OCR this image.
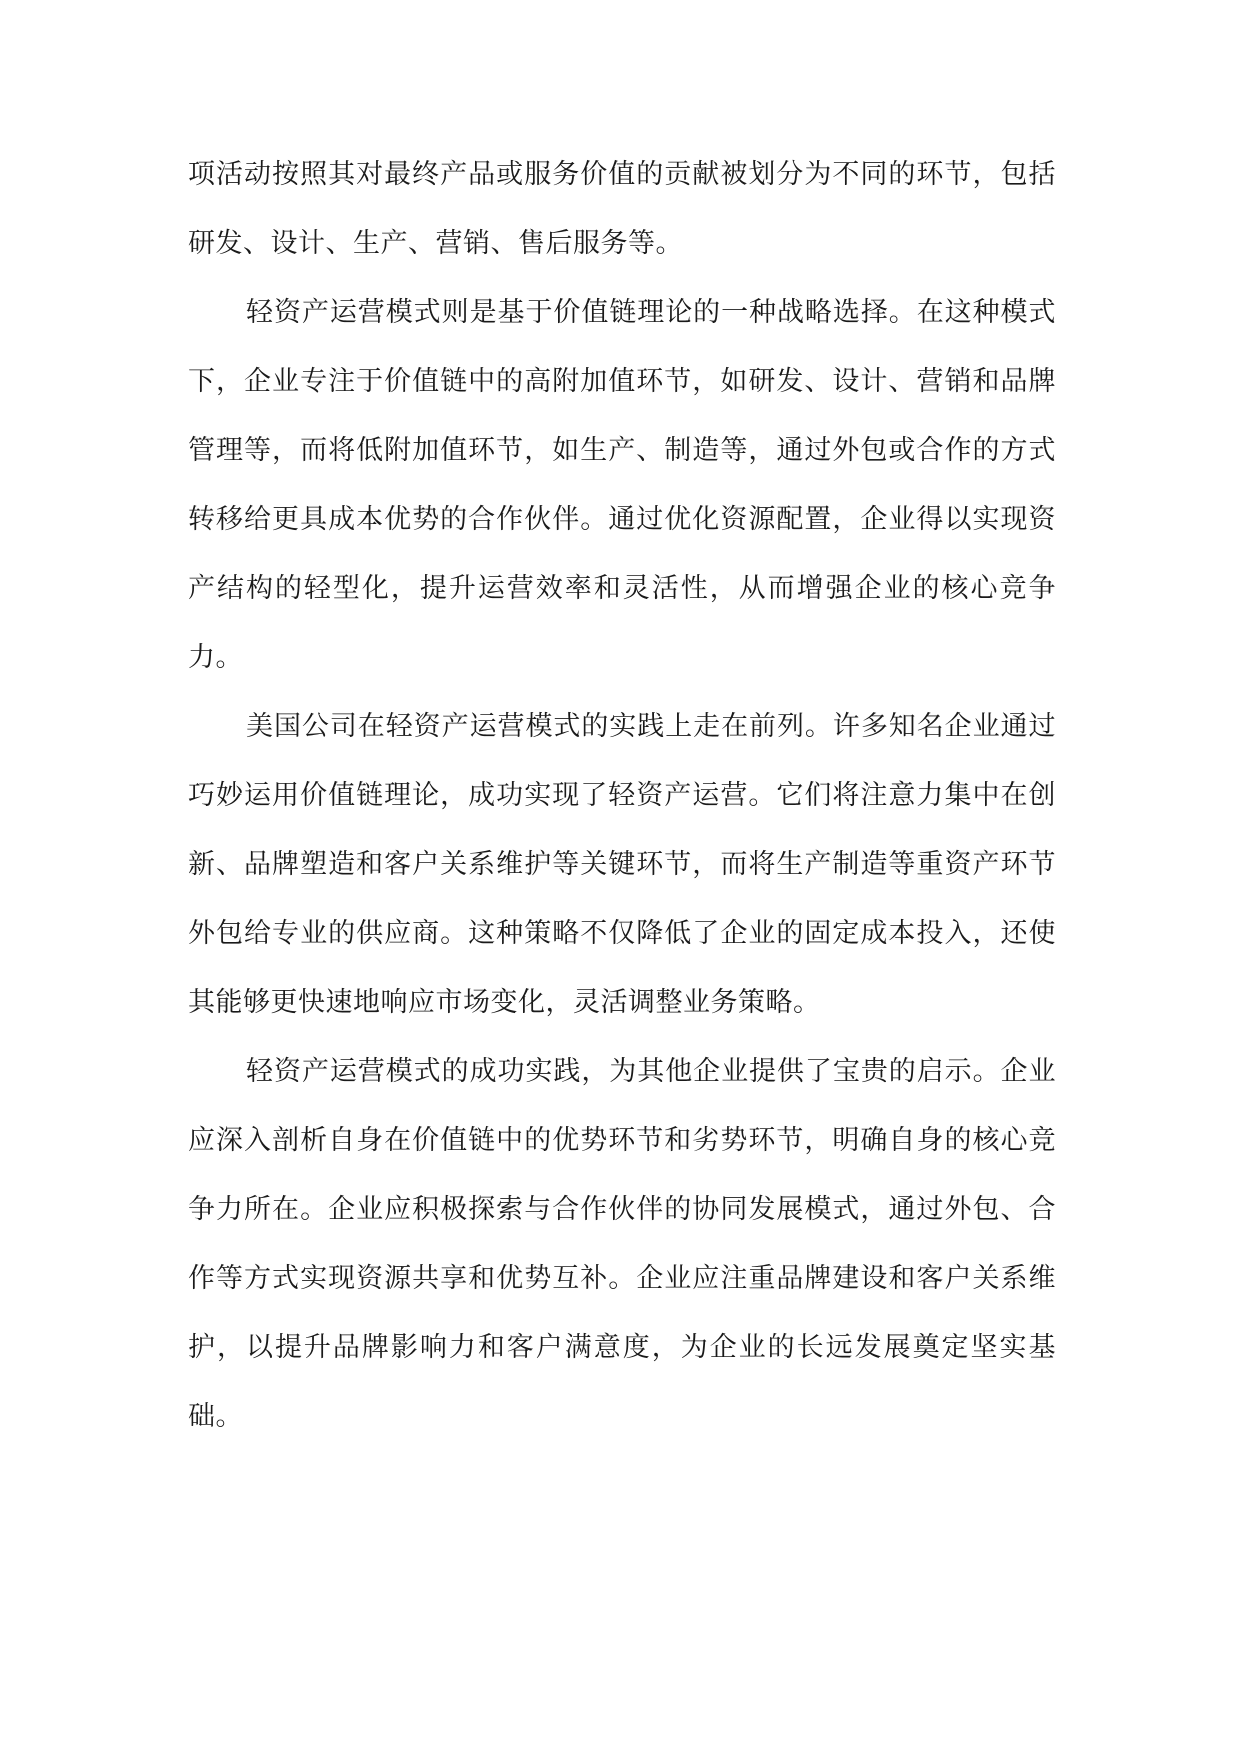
项活动按照其对最终产品或服务价值的贡献被划分为不同的环节，包括研发、设计、生产、营销、售后服务等。

轻资产运营模式则是基于价值链理论的一种战略选择。在这种模式下，企业专注于价值链中的高附加值环节，如研发、设计、营销和品牌管理等，而将低附加值环节，如生产、制造等，通过外包或合作的方式转移给更具成本优势的合作伙伴。通过优化资源配置，企业得以实现资产结构的轻型化，提升运营效率和灵活性，从而增强企业的核心竞争力。

美国公司在轻资产运营模式的实践上走在前列。许多知名企业通过巧妙运用价值链理论，成功实现了轻资产运营。它们将注意力集中在创新、品牌塑造和客户关系维护等关键环节，而将生产制造等重资产环节外包给专业的供应商。这种策略不仅降低了企业的固定成本投入，还使其能够更快速地响应市场变化，灵活调整业务策略。

轻资产运营模式的成功实践，为其他企业提供了宝贵的启示。企业应深入剖析自身在价值链中的优势环节和劣势环节，明确自身的核心竞争力所在。企业应积极探索与合作伙伴的协同发展模式，通过外包、合作等方式实现资源共享和优势互补。企业应注重品牌建设和客户关系维护，以提升品牌影响力和客户满意度，为企业的长远发展奠定坚实基础。
